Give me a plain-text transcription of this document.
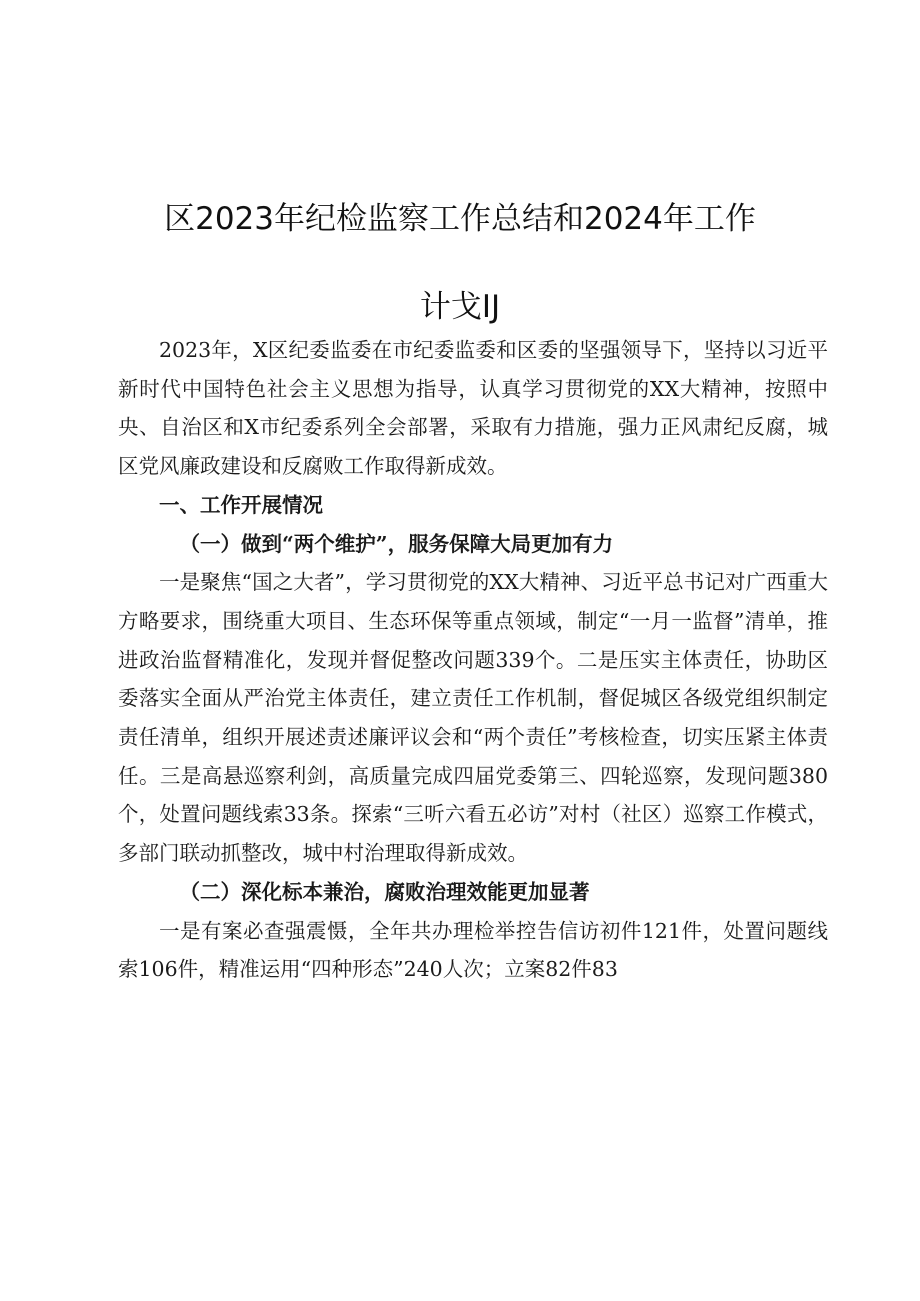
区2023年纪检监察工作总结和2024年工作
计戈IJ

2023年，X区纪委监委在市纪委监委和区委的坚强领导下，坚持以习近平新时代中国特色社会主义思想为指导，认真学习贯彻党的XX大精神，按照中央、自治区和X市纪委系列全会部署，采取有力措施，强力正风肃纪反腐，城区党风廉政建设和反腐败工作取得新成效。

一、工作开展情况

（一）做到“两个维护”，服务保障大局更加有力

一是聚焦“国之大者”，学习贯彻党的XX大精神、习近平总书记对广西重大方略要求，围绕重大项目、生态环保等重点领域，制定“一月一监督”清单，推进政治监督精准化，发现并督促整改问题339个。二是压实主体责任，协助区委落实全面从严治党主体责任，建立责任工作机制，督促城区各级党组织制定责任清单，组织开展述责述廉评议会和“两个责任”考核检查，切实压紧主体责任。三是高悬巡察利剑，高质量完成四届党委第三、四轮巡察，发现问题380个，处置问题线索33条。探索“三听六看五必访”对村（社区）巡察工作模式，多部门联动抓整改，城中村治理取得新成效。

（二）深化标本兼治，腐败治理效能更加显著

一是有案必查强震慑，全年共办理检举控告信访初件121件，处置问题线索106件，精准运用“四种形态”240人次；立案82件83
